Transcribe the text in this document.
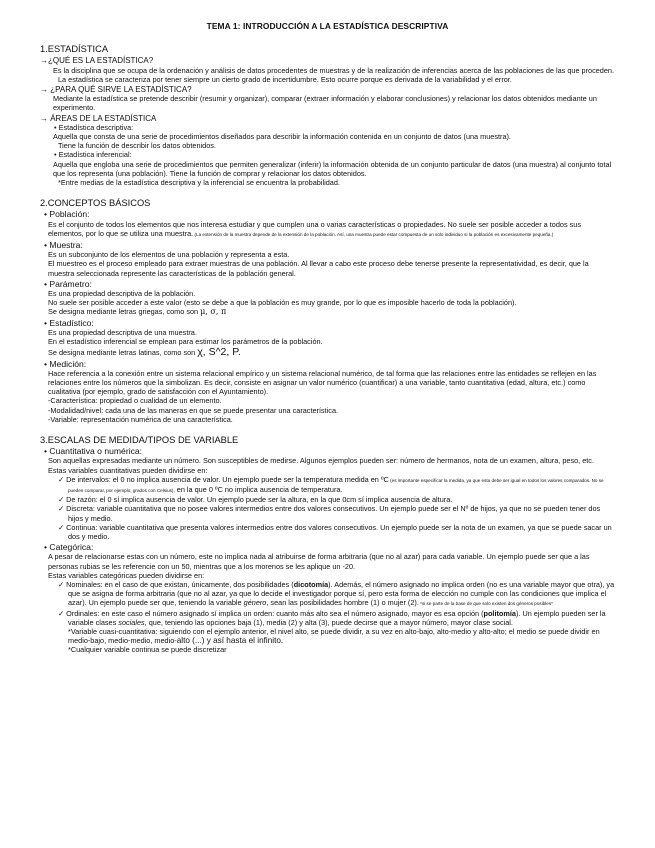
TEMA 1: INTRODUCCIÓN A LA ESTADÍSTICA DESCRIPTIVA
1.ESTADÍSTICA
→¿QUÉ ES LA ESTADÍSTICA?
Es la disciplina que se ocupa de la ordenación y análisis de datos procedentes de muestras y de la realización de inferencias acerca de las poblaciones de las que proceden.
La estadística se caracteriza por tener siempre un cierto grado de incertidumbre. Esto ocurre porque es derivada de la variabilidad y el error.
→ ¿PARA QUÉ SIRVE LA ESTADÍSTICA?
Mediante la estadística se pretende describir (resumir y organizar), comparar (extraer información y elaborar conclusiones) y relacionar los datos obtenidos mediante un experimento.
→ ÁREAS DE LA ESTADÍSTICA
• Estadística descriptiva:
Aquella que consta de una serie de procedimientos diseñados para describir la información contenida en un conjunto de datos (una muestra).
Tiene la función de describir los datos obtenidos.
• Estadística inferencial:
Aquella que engloba una serie de procedimientos que permiten generalizar (inferir) la información obtenida de un conjunto particular de datos (una muestra) al conjunto total que los representa (una población). Tiene la función de comprar y relacionar los datos obtenidos.
*Entre medias de la estadística descriptiva y la inferencial se encuentra la probabilidad.
2.CONCEPTOS BÁSICOS
• Población:
Es el conjunto de todos los elementos que nos interesa estudiar y que cumplen una o varias características o propiedades. No suele ser posible acceder a todos sus elementos, por lo que se utiliza una muestra. (La extensión de la muestra depende de la extensión de la población. Así, una muestra puede estar compuesta de un solo individuo si la población es excesivamente pequeña.)
• Muestra:
Es un subconjunto de los elementos de una población y representa a esta.
El muestreo es el proceso empleado para extraer muestras de una población. Al llevar a cabo este proceso debe tenerse presente la representatividad, es decir, que la muestra seleccionada represente las características de la población general.
• Parámetro:
Es una propiedad descriptiva de la población.
No suele ser posible acceder a este valor (esto se debe a que la población es muy grande, por lo que es imposible hacerlo de toda la población).
Se designa mediante letras griegas, como son μ, σ, π
• Estadístico:
Es una propiedad descriptiva de una muestra.
En el estadístico inferencial se emplean para estimar los parámetros de la población.
Se designa mediante letras latinas, como son χ, S^2, P.
• Medición:
Hace referencia a la conexión entre un sistema relacional empírico y un sistema relacional numérico, de tal forma que las relaciones entre las entidades se reflejen en las relaciones entre los números que la simbolizan. Es decir, consiste en asignar un valor numérico (cuantificar) a una variable, tanto cuantitativa (edad, altura, etc.) como cualitativa (por ejemplo, grado de satisfacción con el Ayuntamiento).
-Característica: propiedad o cualidad de un elemento.
-Modalidad/nivel: cada una de las maneras en que se puede presentar una característica.
-Variable: representación numérica de una característica.
3.ESCALAS DE MEDIDA/TIPOS DE VARIABLE
• Cuantitativa o numérica:
Son aquellas expresadas mediante un número. Son susceptibles de medirse. Algunos ejemplos pueden ser: número de hermanos, nota de un examen, altura, peso, etc.
Estas variables cuantitativas pueden dividirse en:
✓ De intervalos: el 0 no implica ausencia de valor. Un ejemplo puede ser la temperatura medida en ºC (es importante especificar la medida, ya que esta debe ser igual en todos los valores comparados. No se pueden comparar, por ejemplo, grados con Celsius), en la que 0 ºC no implica ausencia de temperatura.
✓ De razón: el 0 sí implica ausencia de valor. Un ejemplo puede ser la altura, en la que 0cm sí implica ausencia de altura.
✓ Discreta: variable cuantitativa que no posee valores intermedios entre dos valores consecutivos. Un ejemplo puede ser el Nº de hijos, ya que no se pueden tener dos hijos y medio.
✓ Continua: variable cuantitativa que presenta valores intermedios entre dos valores consecutivos. Un ejemplo puede ser la nota de un examen, ya que se puede sacar un dos y medio.
• Categórica:
A pesar de relacionarse estas con un número, este no implica nada al atribuirse de forma arbitraria (que no al azar) para cada variable. Un ejemplo puede ser que a las personas rubias se les referencie con un 50, mientras que a los morenos se les aplique un -20.
Estas variables categóricas pueden dividirse en:
✓ Nominales: en el caso de que existan, únicamente, dos posibilidades (dicotomía). Además, el número asignado no implica orden (no es una variable mayor que otra), ya que se asigna de forma arbitraria (que no al azar, ya que lo decide el investigador porque sí, pero esta forma de elección no cumple con las condiciones que implica el azar). Un ejemplo puede ser que, teniendo la variable género, sean las posibilidades hombre (1) o mujer (2). *si se parte de la base de que solo existen dos géneros posibles*
✓ Ordinales: en este caso el número asignado sí implica un orden: cuanto más alto sea el número asignado, mayor es esa opción (politomía). Un ejemplo pueden ser la variable clases sociales, que, teniendo las opciones baja (1), media (2) y alta (3), puede decirse que a mayor número, mayor clase social.
*Variable cuasi-cuantitativa: siguiendo con el ejemplo anterior, el nivel alto, se puede dividir, a su vez en alto-bajo, alto-medio y alto-alto; el medio se puede dividir en medio-bajo, medio-medio, medio-alto (...) y así hasta el infinito.
*Cualquier variable continua se puede discretizar
